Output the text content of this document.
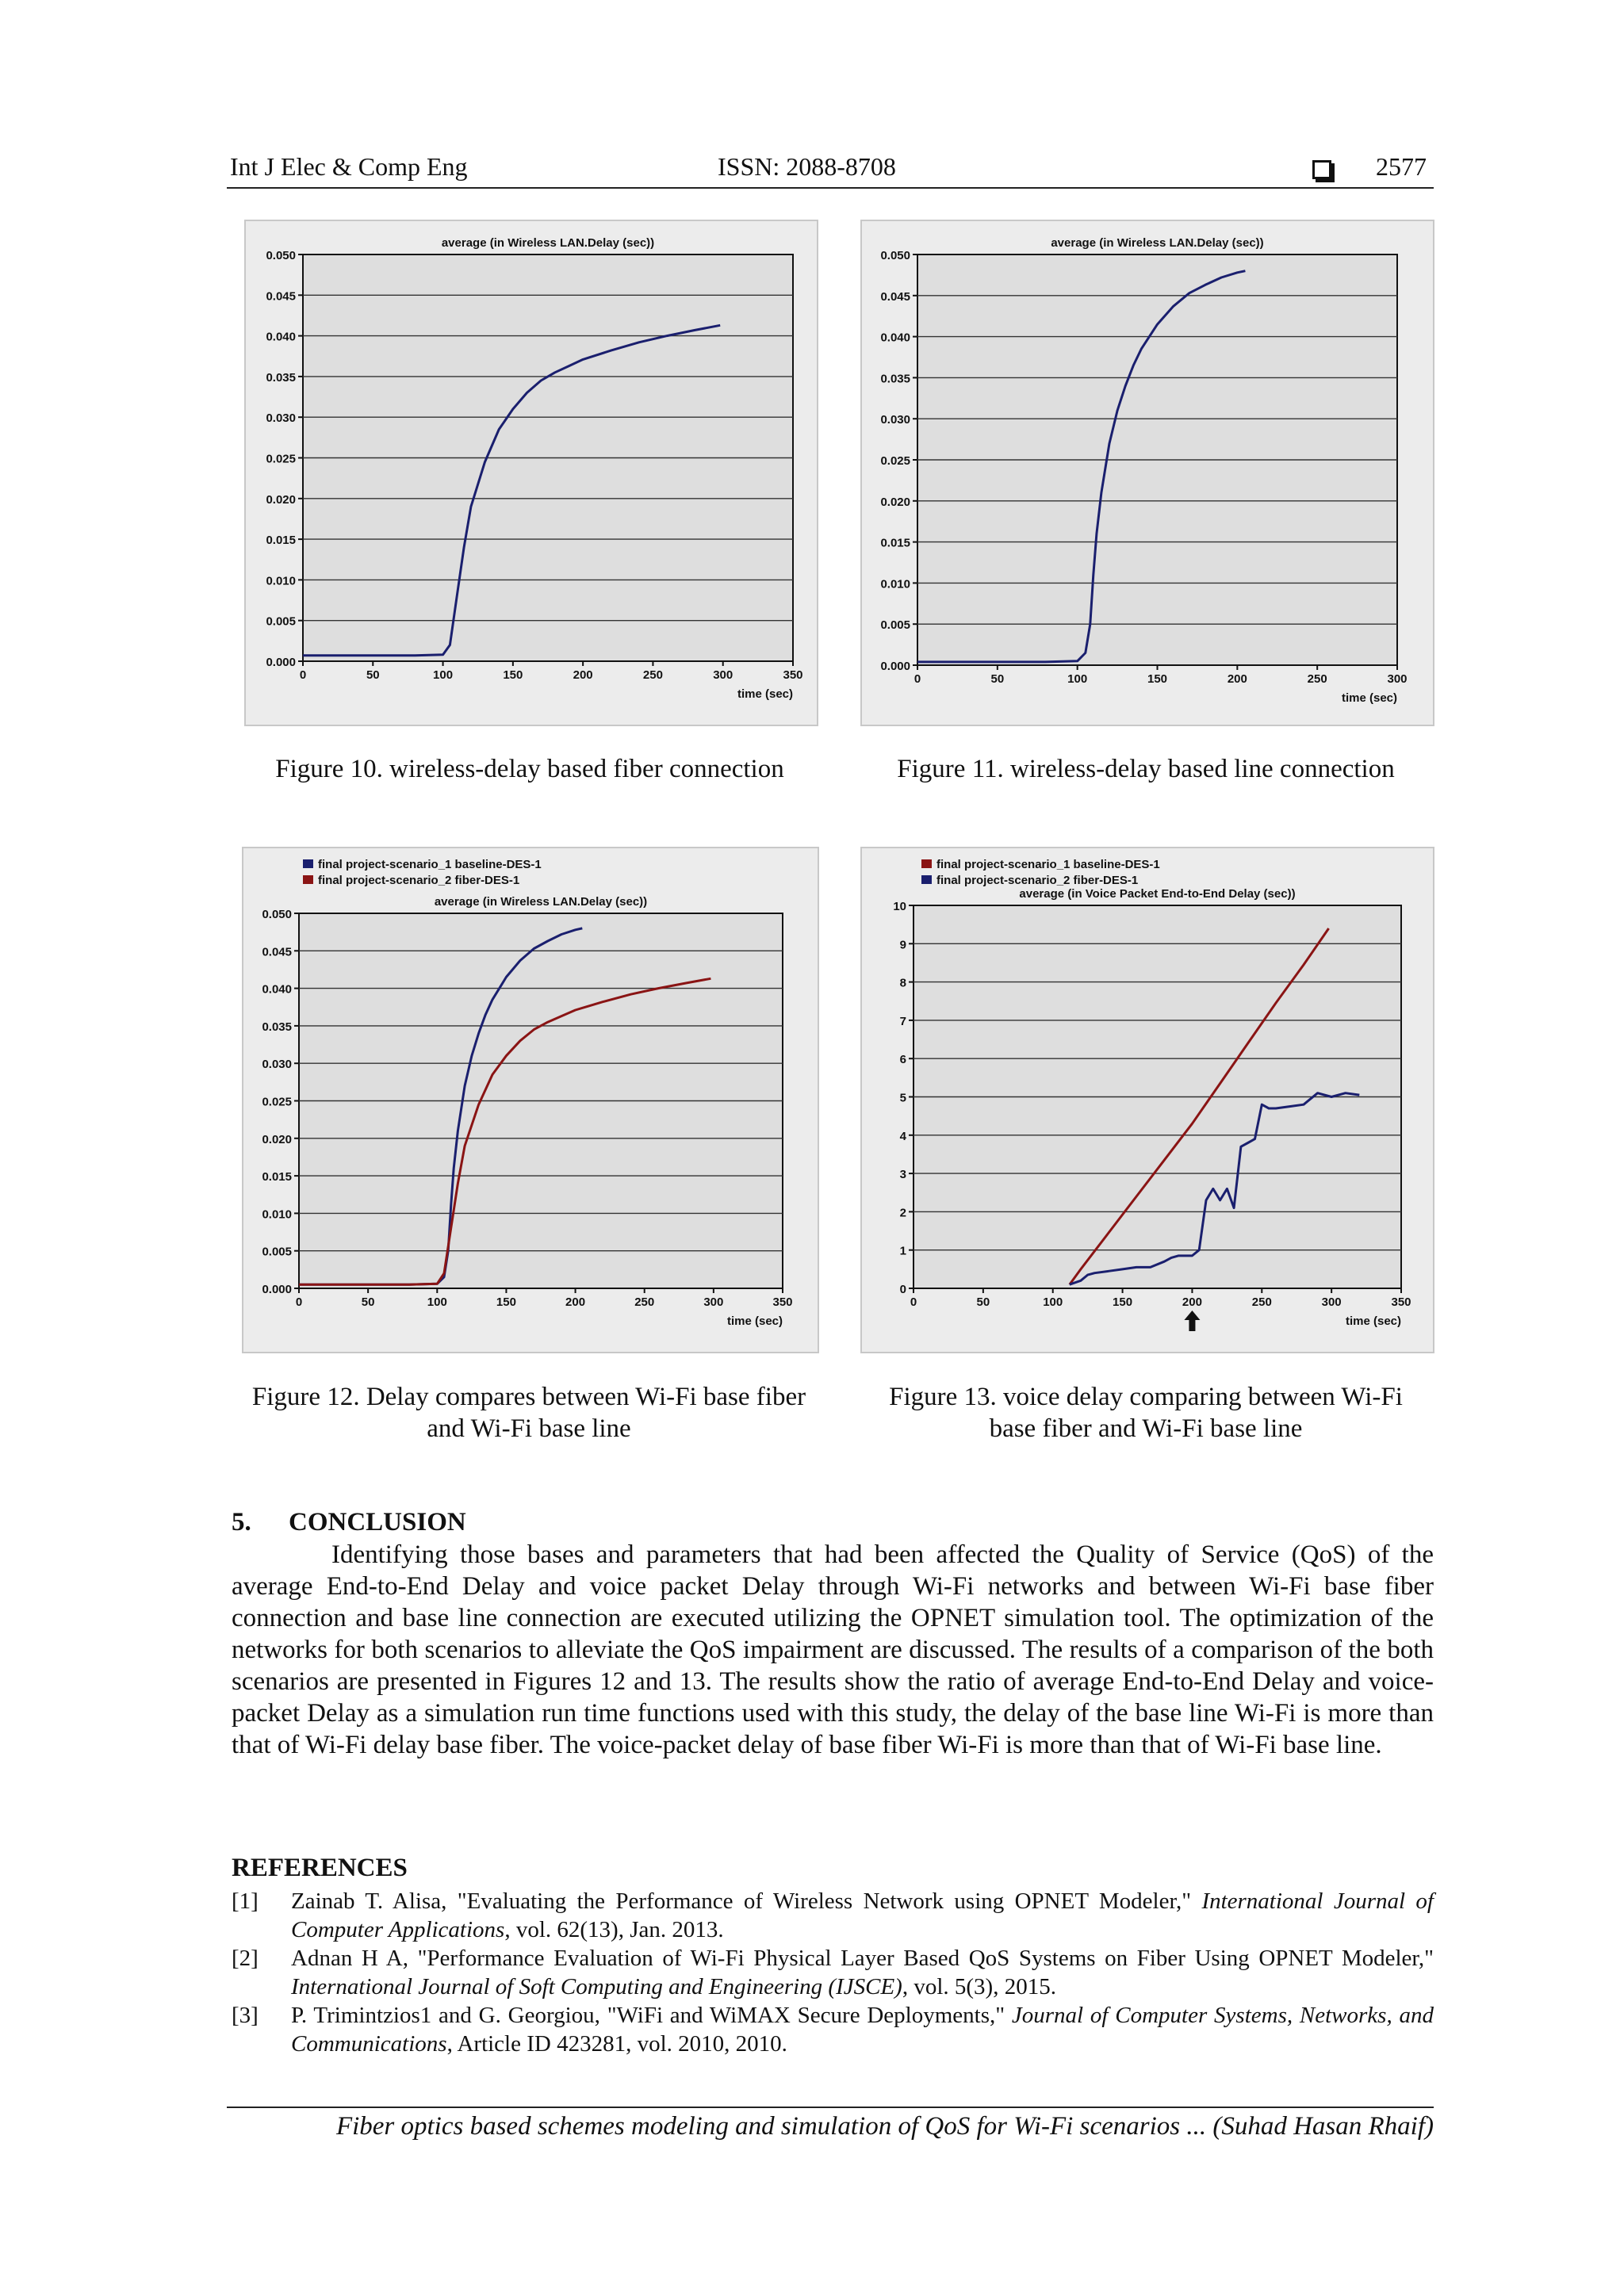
Int J Elec & Comp Eng	ISSN: 2088-8708	2577
0.000
0.005
0.010
0.015
0.020
0.025
0.030
0.035
0.040
0.045
0.050
0	50	100	150	200	250	300	350
time (sec)
average (in Wireless LAN.Delay (sec))
Figure 10. wireless-delay based fiber connection
0.000
0.005
0.010
0.015
0.020
0.025
0.030
0.035
0.040
0.045
0.050
0	50	100	150	200	250	300
time (sec)
average (in Wireless LAN.Delay (sec))
Figure 11. wireless-delay based line connection
0.000
0.005
0.010
0.015
0.020
0.025
0.030
0.035
0.040
0.045
0.050
0	50	100	150	200	250	300	350
time (sec)
average (in Wireless LAN.Delay (sec))
final project-scenario_1 baseline-DES-1
final project-scenario_2 fiber-DES-1
Figure 12. Delay compares between Wi-Fi base fiber
and Wi-Fi base line
0
1
2
3
4
5
6
7
8
9
10
0	50	100	150	200	250	300	350
time (sec)
average (in Voice Packet End-to-End Delay (sec))
final project-scenario_1 baseline-DES-1
final project-scenario_2 fiber-DES-1
Figure 13. voice delay comparing between Wi-Fi
base fiber and Wi-Fi base line
5. CONCLUSION
Identifying those bases and parameters that had been affected the Quality of Service (QoS) of the average End-to-End Delay and voice packet Delay through Wi-Fi networks and between Wi-Fi base fiber connection and base line connection are executed utilizing the OPNET simulation tool. The optimization of the networks for both scenarios to alleviate the QoS impairment are discussed. The results of a comparison of the both scenarios are presented in Figures 12 and 13. The results show the ratio of average End-to-End Delay and voice- packet Delay as a simulation run time functions used with this study, the delay of the base line Wi-Fi is more than that of Wi-Fi delay base fiber. The voice-packet delay of base fiber Wi-Fi is more than that of Wi-Fi base line.
REFERENCES
[1] Zainab T. Alisa, "Evaluating the Performance of Wireless Network using OPNET Modeler," International Journal of Computer Applications, vol. 62(13), Jan. 2013.
[2] Adnan H A, "Performance Evaluation of Wi-Fi Physical Layer Based QoS Systems on Fiber Using OPNET Modeler," International Journal of Soft Computing and Engineering (IJSCE), vol. 5(3), 2015.
[3] P. Trimintzios1 and G. Georgiou, "WiFi and WiMAX Secure Deployments," Journal of Computer Systems, Networks, and Communications, Article ID 423281, vol. 2010, 2010.
Fiber optics based schemes modeling and simulation of QoS for Wi-Fi scenarios ... (Suhad Hasan Rhaif)
